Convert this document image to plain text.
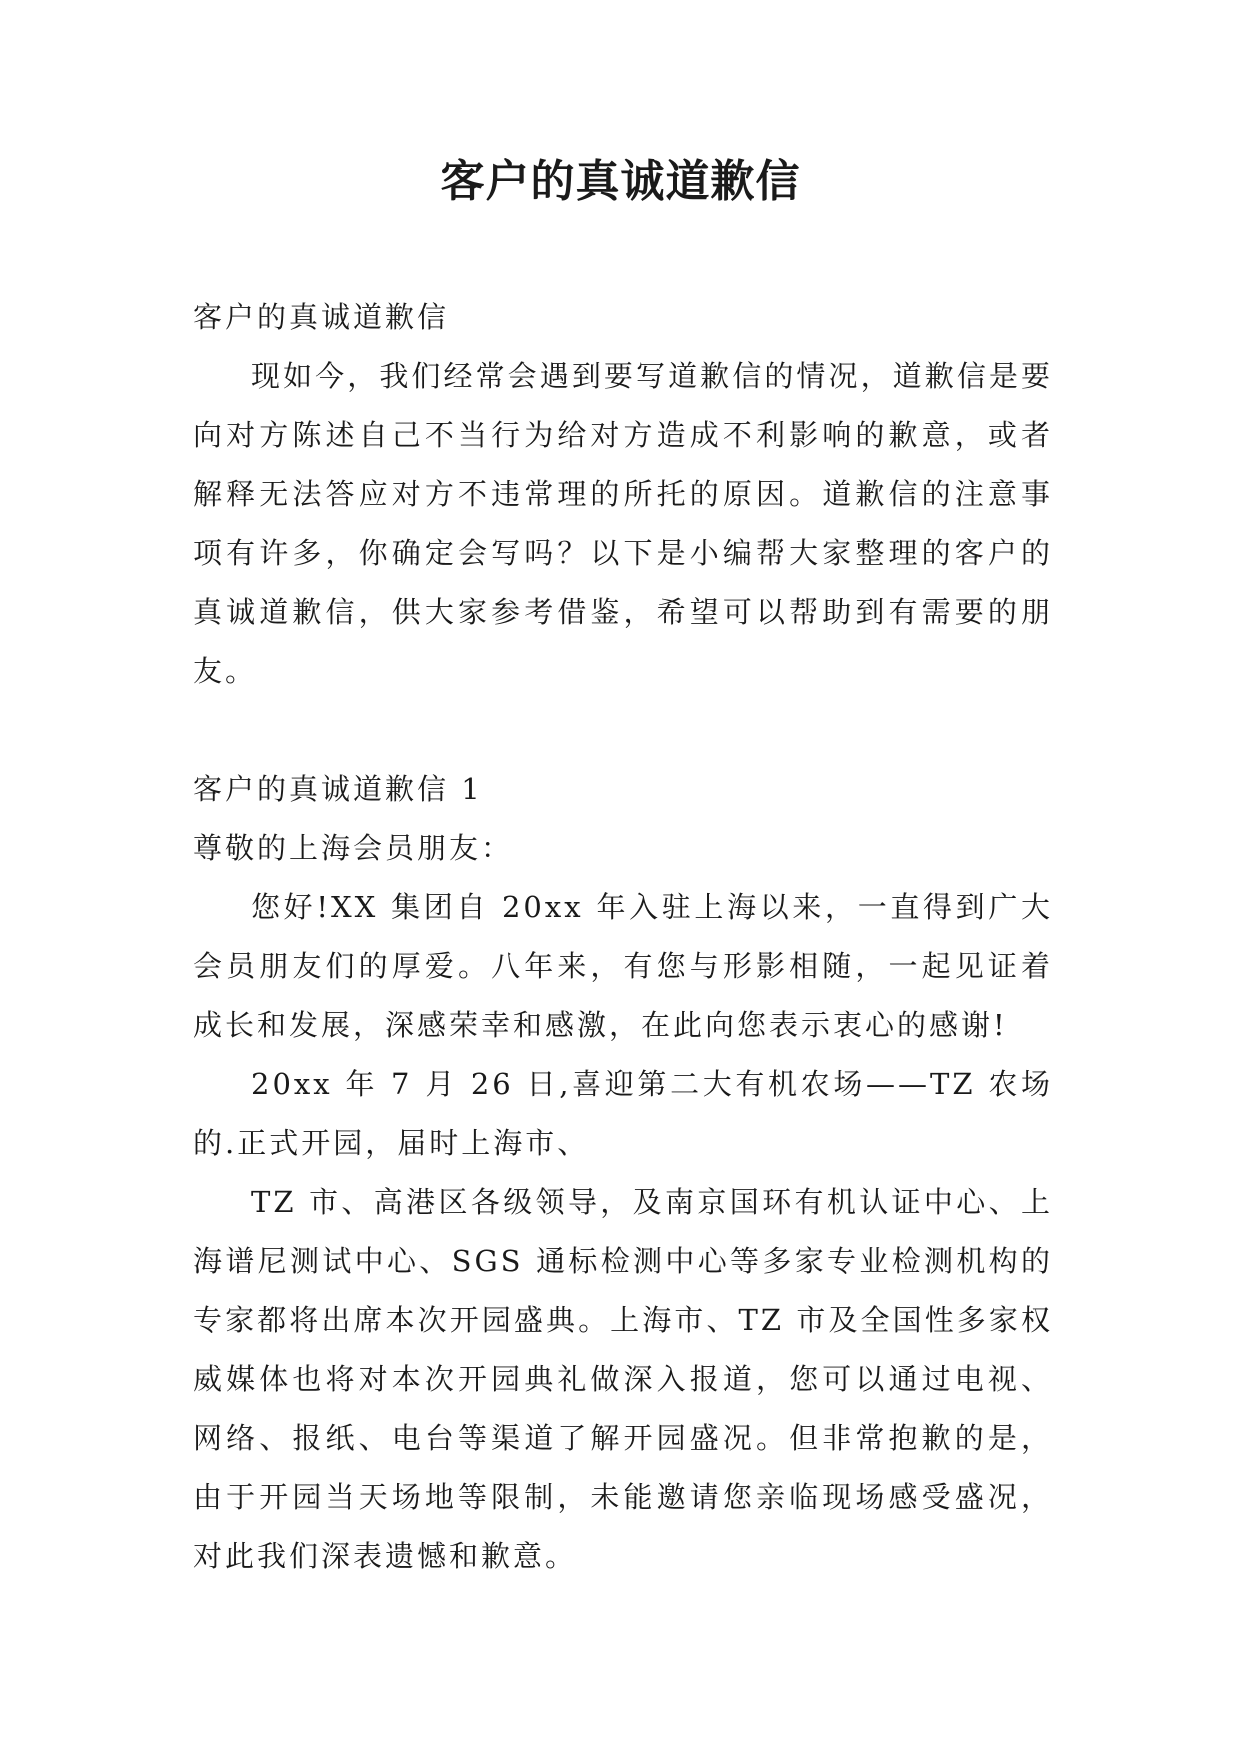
客户的真诚道歉信

客户的真诚道歉信

现如今，我们经常会遇到要写道歉信的情况，道歉信是要向对方陈述自己不当行为给对方造成不利影响的歉意，或者解释无法答应对方不违常理的所托的原因。道歉信的注意事项有许多，你确定会写吗？以下是小编帮大家整理的客户的真诚道歉信，供大家参考借鉴，希望可以帮助到有需要的朋友。

客户的真诚道歉信 1

尊敬的上海会员朋友：

您好!XX 集团自 20xx 年入驻上海以来，一直得到广大会员朋友们的厚爱。八年来，有您与形影相随，一起见证着成长和发展，深感荣幸和感激，在此向您表示衷心的感谢!

20xx 年 7 月 26 日,喜迎第二大有机农场——TZ 农场的.正式开园，届时上海市、

TZ 市、高港区各级领导，及南京国环有机认证中心、上海谱尼测试中心、SGS 通标检测中心等多家专业检测机构的专家都将出席本次开园盛典。上海市、TZ 市及全国性多家权威媒体也将对本次开园典礼做深入报道，您可以通过电视、网络、报纸、电台等渠道了解开园盛况。但非常抱歉的是，由于开园当天场地等限制，未能邀请您亲临现场感受盛况，对此我们深表遗憾和歉意。
